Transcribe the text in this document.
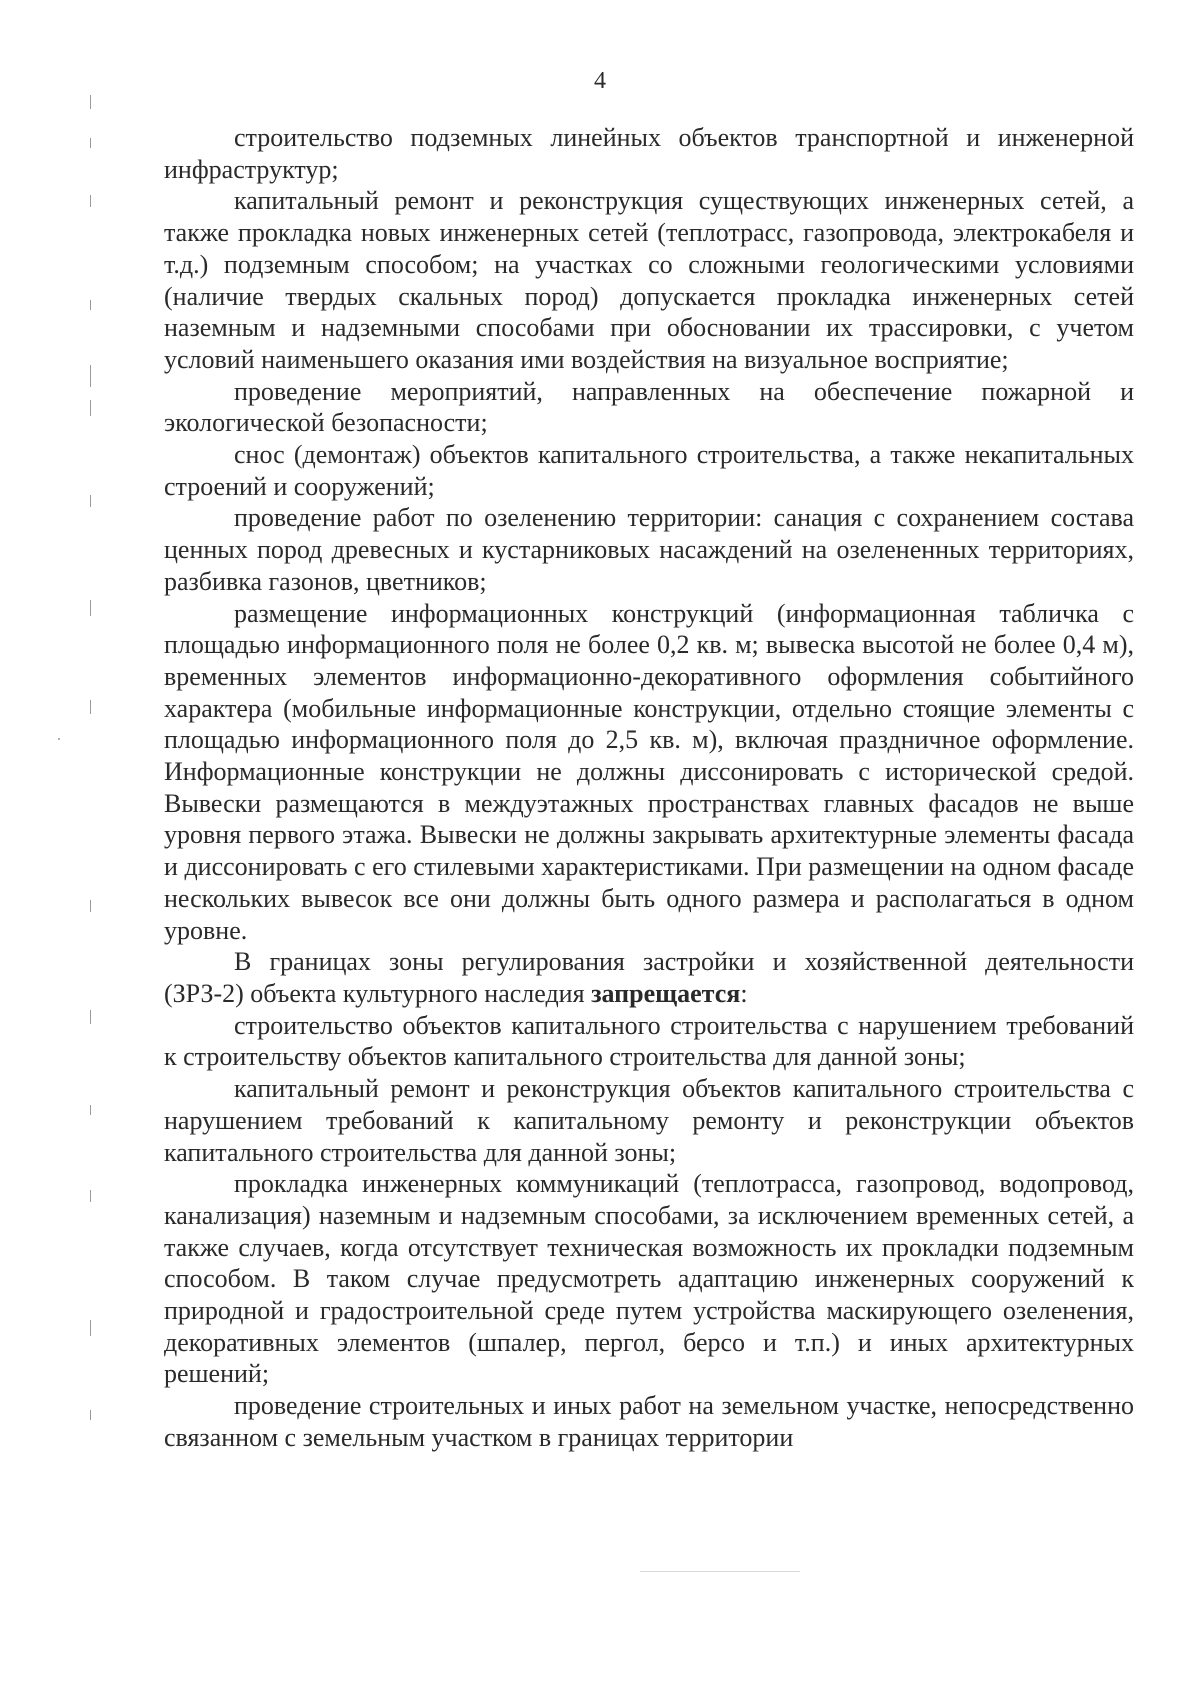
4

строительство подземных линейных объектов транспортной и инженерной инфраструктур;

капитальный ремонт и реконструкция существующих инженерных сетей, а также прокладка новых инженерных сетей (теплотрасс, газопровода, электрокабеля и т.д.) подземным способом; на участках со сложными геологическими условиями (наличие твердых скальных пород) допускается прокладка инженерных сетей наземным и надземными способами при обосновании их трассировки, с учетом условий наименьшего оказания ими воздействия на визуальное восприятие;

проведение мероприятий, направленных на обеспечение пожарной и экологической безопасности;

снос (демонтаж) объектов капитального строительства, а также некапитальных строений и сооружений;

проведение работ по озеленению территории: санация с сохранением состава ценных пород древесных и кустарниковых насаждений на озелененных территориях, разбивка газонов, цветников;

размещение информационных конструкций (информационная табличка с площадью информационного поля не более 0,2 кв. м; вывеска высотой не более 0,4 м), временных элементов информационно-декоративного оформления событийного характера (мобильные информационные конструкции, отдельно стоящие элементы с площадью информационного поля до 2,5 кв. м), включая праздничное оформление. Информационные конструкции не должны диссонировать с исторической средой. Вывески размещаются в междуэтажных пространствах главных фасадов не выше уровня первого этажа. Вывески не должны закрывать архитектурные элементы фасада и диссонировать с его стилевыми характеристиками. При размещении на одном фасаде нескольких вывесок все они должны быть одного размера и располагаться в одном уровне.

В границах зоны регулирования застройки и хозяйственной деятельности (ЗРЗ-2) объекта культурного наследия запрещается:

строительство объектов капитального строительства с нарушением требований к строительству объектов капитального строительства для данной зоны;

капитальный ремонт и реконструкция объектов капитального строительства с нарушением требований к капитальному ремонту и реконструкции объектов капитального строительства для данной зоны;

прокладка инженерных коммуникаций (теплотрасса, газопровод, водопровод, канализация) наземным и надземным способами, за исключением временных сетей, а также случаев, когда отсутствует техническая возможность их прокладки подземным способом. В таком случае предусмотреть адаптацию инженерных сооружений к природной и градостроительной среде путем устройства маскирующего озеленения, декоративных элементов (шпалер, пергол, берсо и т.п.) и иных архитектурных решений;

проведение строительных и иных работ на земельном участке, непосредственно связанном с земельным участком в границах территории
